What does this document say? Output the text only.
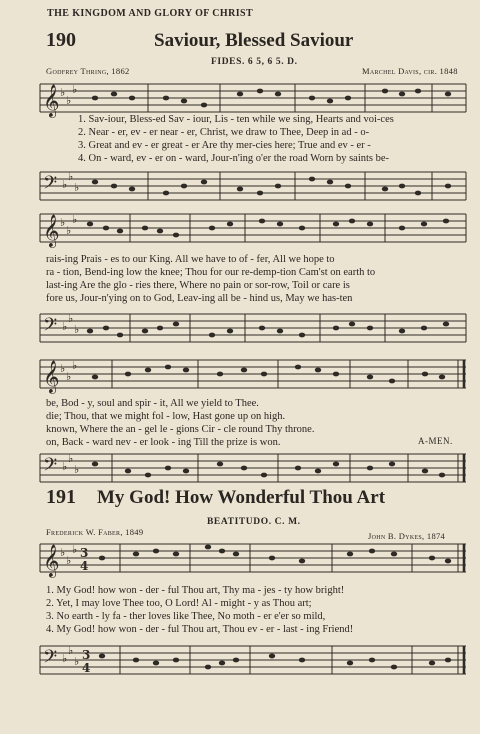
THE KINGDOM AND GLORY OF CHRIST
190	Saviour, Blessed Saviour
FIDES. 6 5, 6 5. D.
Godfrey Thring, 1862	Marchel Davis, cir. 1848
𝄞 ♭
♭
♭
1. Sav-iour, Bless-ed Sav - iour, Lis - ten while we sing, Hearts and voi-ces
2. Near - er, ev - er near - er, Christ, we draw to Thee, Deep in ad - o-
3. Great and ev - er great - er Are thy mer-cies here; True and ev - er -
4. On - ward, ev - er on - ward, Jour-n'ing o'er the road Worn by saints be-
𝄢 ♭
♭
♭
𝄞 ♭
♭
♭
rais-ing Prais - es to our King. All we have to of - fer, All we hope to
ra - tion, Bend-ing low the knee; Thou for our re-demp-tion Cam'st on earth to
last-ing Are the glo - ries there, Where no pain or sor-row, Toil or care is
fore us, Jour-n'ying on to God, Leav-ing all be - hind us, May we has-ten
𝄢 ♭
♭
♭
𝄞 ♭
♭
♭
be, Bod - y, soul and spir - it, All we yield to Thee.
die; Thou, that we might fol - low, Hast gone up on high.
known, Where the an - gel le - gions Cir - cle round Thy throne.
on, Back - ward nev - er look - ing Till the prize is won.	A-MEN.
𝄢 ♭
♭
♭
191 My God! How Wonderful Thou Art
BEATITUDO. C. M.
Frederick W. Faber, 1849	John B. Dykes, 1874
𝄞 ♭
♭
♭ 3
4
1. My God! how won - der - ful Thou art, Thy ma - jes - ty how bright!
2. Yet, I may love Thee too, O Lord! Al - might - y as Thou art;
3. No earth - ly fa - ther loves like Thee, No moth - er e'er so mild,
4. My God! how won - der - ful Thou art, Thou ev - er - last - ing Friend!
𝄢 ♭
♭
♭ 3
4
